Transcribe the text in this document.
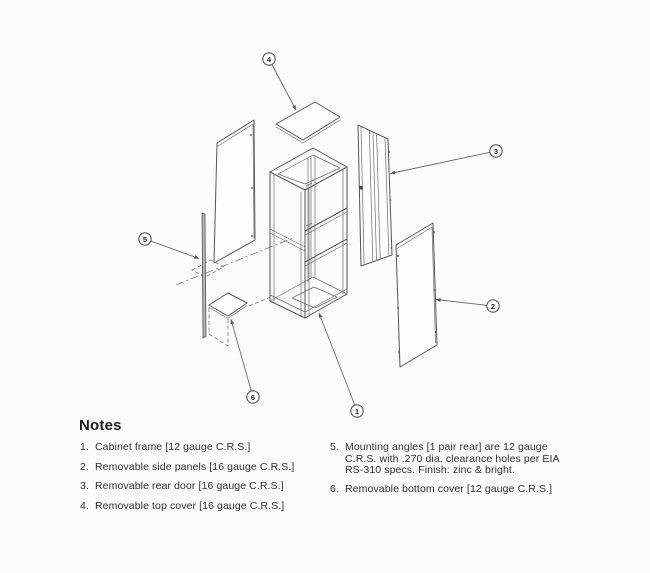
4
3
2
5
6
1
Notes
1. Cabinet frame [12 gauge C.R.S.]
2. Removable side panels [16 gauge C.R.S.]
3. Removable rear door [16 gauge C.R.S.]
4. Removable top cover [16 gauge C.R.S.]
5. Mounting angles [1 pair rear] are 12 gauge
C.R.S. with .270 dia. clearance holes per EIA
RS-310 specs. Finish: zinc & bright.
6. Removable bottom cover [12 gauge C.R.S.]
